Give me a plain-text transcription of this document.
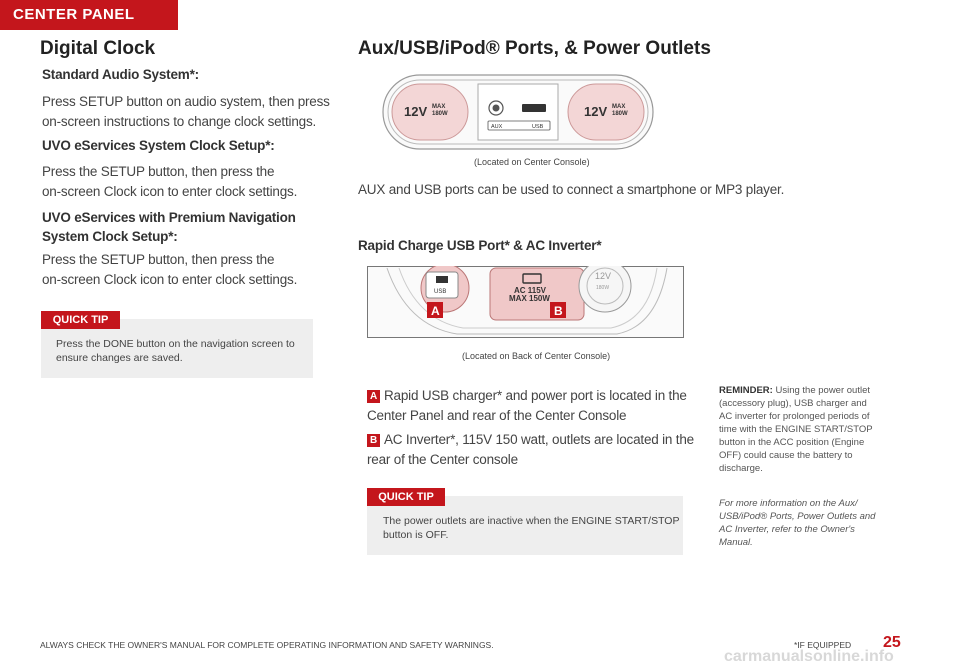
CENTER PANEL
Digital Clock
Standard Audio System*:
Press SETUP button on audio system, then press
on-screen instructions to change clock settings.
UVO eServices System Clock Setup*:
Press the SETUP button, then press the
on-screen Clock icon to enter clock settings.
UVO eServices with Premium Navigation
System Clock Setup*:
Press the SETUP button, then press the
on-screen Clock icon to enter clock settings.
QUICK TIP
Press the DONE button on the navigation screen to
ensure changes are saved.
Aux/USB/iPod® Ports, & Power Outlets
12V MAX
180W
AUX	USB
12V MAX
180W
(Located on Center Console)
AUX and USB ports can be used to connect a smartphone or MP3 player.
Rapid Charge USB Port* & AC Inverter*
USB	AC 115V
MAX 150W
12V
180W
A	B
(Located on Back of Center Console)
A Rapid USB charger* and power port is located in the
Center Panel and rear of the Center Console
B AC Inverter*, 115V 150 watt, outlets are located in the
rear of the Center console
QUICK TIP
The power outlets are inactive when the ENGINE START/STOP
button is OFF.
REMINDER: Using the power outlet
(accessory plug), USB charger and
AC inverter for prolonged periods of
time with the ENGINE START/STOP
button in the ACC position (Engine
OFF) could cause the battery to
discharge.
For more information on the Aux/
USB/iPod® Ports, Power Outlets and
AC Inverter, refer to the Owner's
Manual.
ALWAYS CHECK THE OWNER'S MANUAL FOR COMPLETE OPERATING INFORMATION AND SAFETY WARNINGS.	*IF EQUIPPED 25
carmanualsonline.info
